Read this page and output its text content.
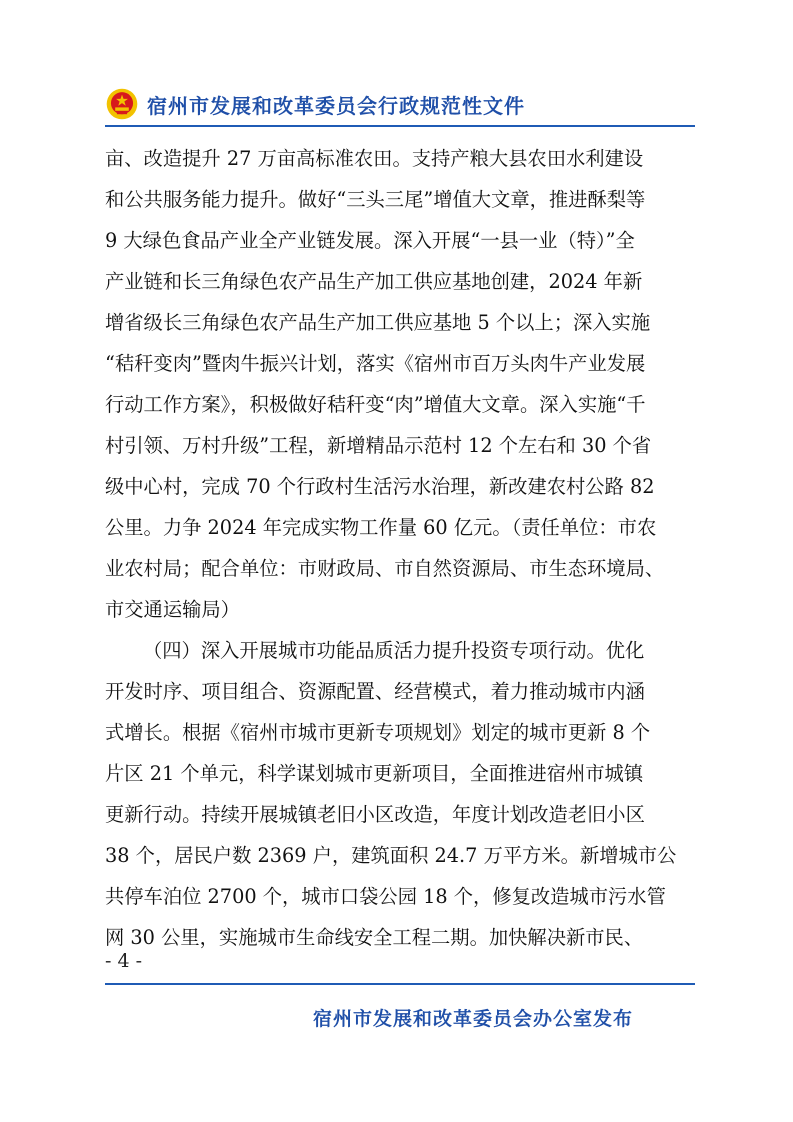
宿州市发展和改革委员会行政规范性文件
亩、改造提升 27 万亩高标准农田。支持产粮大县农田水利建设
和公共服务能力提升。做好“三头三尾”增值大文章，推进酥梨等
9 大绿色食品产业全产业链发展。深入开展“一县一业（特）”全
产业链和长三角绿色农产品生产加工供应基地创建，2024 年新
增省级长三角绿色农产品生产加工供应基地 5 个以上；深入实施
“秸秆变肉”暨肉牛振兴计划，落实《宿州市百万头肉牛产业发展
行动工作方案》，积极做好秸秆变“肉”增值大文章。深入实施“千
村引领、万村升级”工程，新增精品示范村 12 个左右和 30 个省
级中心村，完成 70 个行政村生活污水治理，新改建农村公路 82
公里。力争 2024 年完成实物工作量 60 亿元。（责任单位：市农
业农村局；配合单位：市财政局、市自然资源局、市生态环境局、
市交通运输局）
（四）深入开展城市功能品质活力提升投资专项行动。优化
开发时序、项目组合、资源配置、经营模式，着力推动城市内涵
式增长。根据《宿州市城市更新专项规划》划定的城市更新 8 个
片区 21 个单元，科学谋划城市更新项目，全面推进宿州市城镇
更新行动。持续开展城镇老旧小区改造，年度计划改造老旧小区
38 个，居民户数 2369 户，建筑面积 24.7 万平方米。新增城市公
共停车泊位 2700 个，城市口袋公园 18 个，修复改造城市污水管
网 30 公里，实施城市生命线安全工程二期。加快解决新市民、
- 4 -
宿州市发展和改革委员会办公室发布
